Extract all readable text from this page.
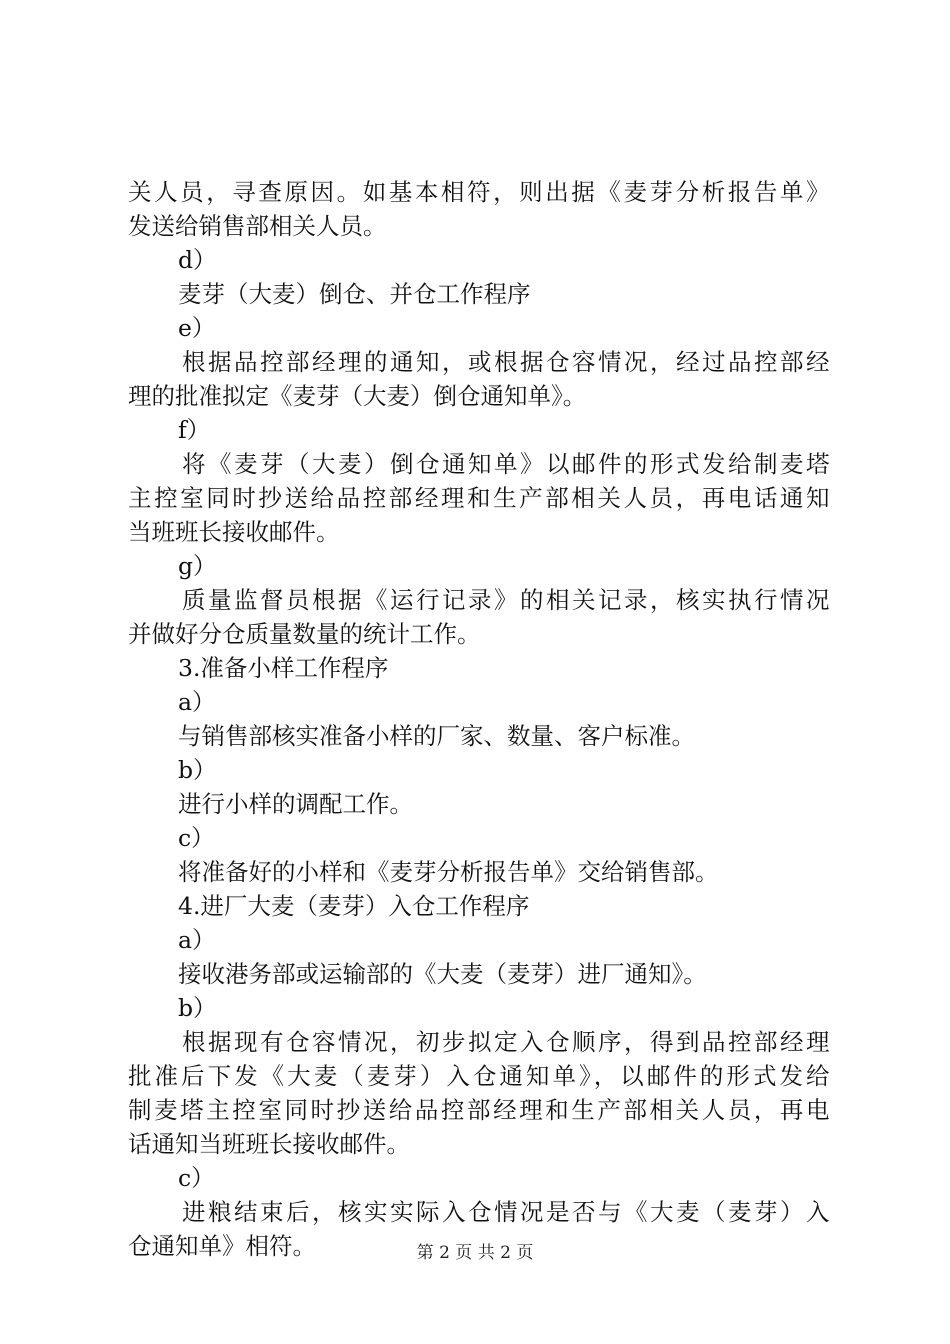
关人员，寻查原因。如基本相符，则出据《麦芽分析报告单》
发送给销售部相关人员。
d）
麦芽（大麦）倒仓、并仓工作程序
e）
根据品控部经理的通知，或根据仓容情况，经过品控部经
理的批准拟定《麦芽（大麦）倒仓通知单》。
f）
将《麦芽（大麦）倒仓通知单》以邮件的形式发给制麦塔
主控室同时抄送给品控部经理和生产部相关人员，再电话通知
当班班长接收邮件。
g）
质量监督员根据《运行记录》的相关记录，核实执行情况
并做好分仓质量数量的统计工作。
3.准备小样工作程序
a）
与销售部核实准备小样的厂家、数量、客户标准。
b）
进行小样的调配工作。
c）
将准备好的小样和《麦芽分析报告单》交给销售部。
4.进厂大麦（麦芽）入仓工作程序
a）
接收港务部或运输部的《大麦（麦芽）进厂通知》。
b）
根据现有仓容情况，初步拟定入仓顺序，得到品控部经理
批准后下发《大麦（麦芽）入仓通知单》，以邮件的形式发给
制麦塔主控室同时抄送给品控部经理和生产部相关人员，再电
话通知当班班长接收邮件。
c）
进粮结束后，核实实际入仓情况是否与《大麦（麦芽）入
仓通知单》相符。	第 2 页 共 2 页
